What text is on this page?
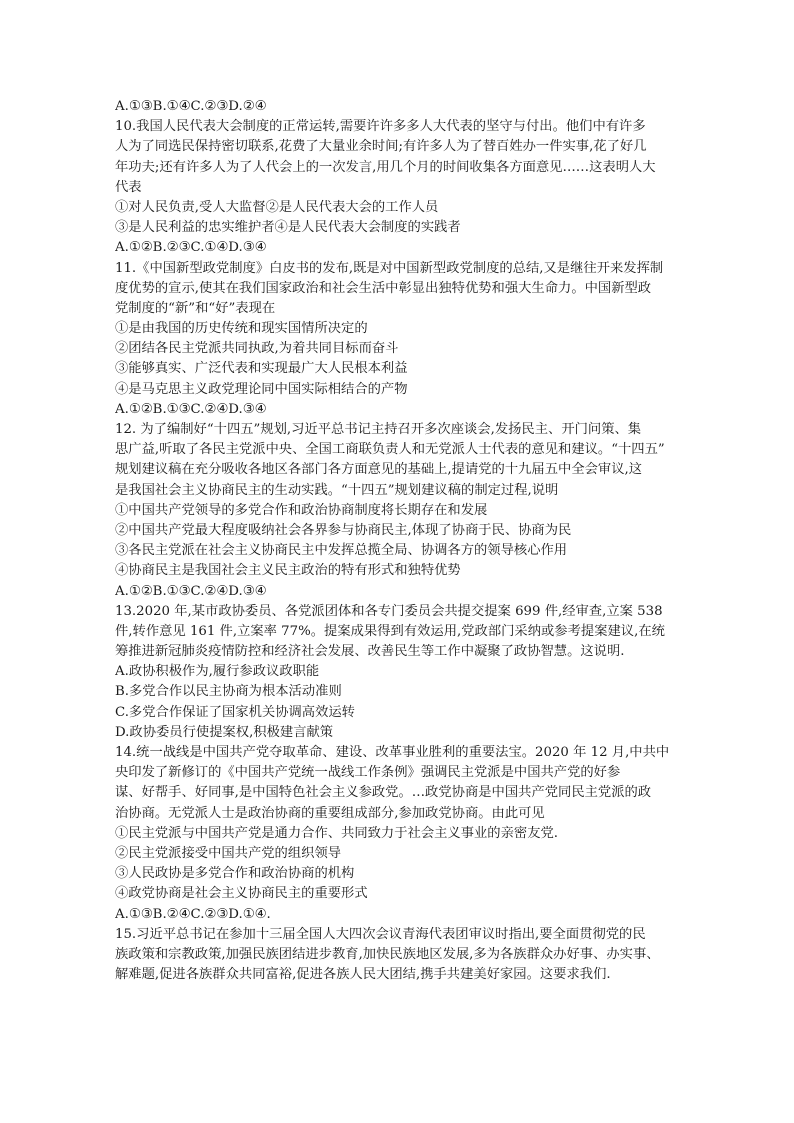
A.①③B.①④C.②③D.②④
10.我国人民代表大会制度的正常运转,需要许许多多人大代表的坚守与付出。他们中有许多
人为了同选民保持密切联系,花费了大量业余时间;有许多人为了替百姓办一件实事,花了好几
年功夫;还有许多人为了人代会上的一次发言,用几个月的时间收集各方面意见……这表明人大
代表
①对人民负责,受人大监督②是人民代表大会的工作人员
③是人民利益的忠实维护者④是人民代表大会制度的实践者
A.①②B.②③C.①④D.③④
11.《中国新型政党制度》白皮书的发布,既是对中国新型政党制度的总结,又是继往开来发挥制
度优势的宣示,使其在我们国家政治和社会生活中彰显出独特优势和强大生命力。中国新型政
党制度的“新”和“好”表现在
①是由我国的历史传统和现实国情所决定的
②团结各民主党派共同执政,为着共同目标而奋斗
③能够真实、广泛代表和实现最广大人民根本利益
④是马克思主义政党理论同中国实际相结合的产物
A.①②B.①③C.②④D.③④
12. 为了编制好“十四五”规划,习近平总书记主持召开多次座谈会,发扬民主、开门问策、集
思广益,听取了各民主党派中央、全国工商联负责人和无党派人士代表的意见和建议。“十四五”
规划建议稿在充分吸收各地区各部门各方面意见的基础上,提请党的十九届五中全会审议,这
是我国社会主义协商民主的生动实践。“十四五”规划建议稿的制定过程,说明
①中国共产党领导的多党合作和政治协商制度将长期存在和发展
②中国共产党最大程度吸纳社会各界参与协商民主,体现了协商于民、协商为民
③各民主党派在社会主义协商民主中发挥总揽全局、协调各方的领导核心作用
④协商民主是我国社会主义民主政治的特有形式和独特优势
A.①②B.①③C.②④D.③④
13.2020 年,某市政协委员、各党派团体和各专门委员会共提交提案 699 件,经审查,立案 538
件,转作意见 161 件,立案率 77%。提案成果得到有效运用,党政部门采纳或参考提案建议,在统
筹推进新冠肺炎疫情防控和经济社会发展、改善民生等工作中凝聚了政协智慧。这说明.
A.政协积极作为,履行参政议政职能
B.多党合作以民主协商为根本活动准则
C.多党合作保证了国家机关协调高效运转
D.政协委员行使提案权,积极建言献策
14.统一战线是中国共产党夺取革命、建设、改革事业胜利的重要法宝。2020 年 12 月,中共中
央印发了新修订的《中国共产党统一战线工作条例》强调民主党派是中国共产党的好参
谋、好帮手、好同事,是中国特色社会主义参政党。…政党协商是中国共产党同民主党派的政
治协商。无党派人士是政治协商的重要组成部分,参加政党协商。由此可见
①民主党派与中国共产党是通力合作、共同致力于社会主义事业的亲密友党.
②民主党派接受中国共产党的组织领导
③人民政协是多党合作和政治协商的机构
④政党协商是社会主义协商民主的重要形式
A.①③B.②④C.②③D.①④.
15.习近平总书记在参加十三届全国人大四次会议青海代表团审议时指出,要全面贯彻党的民
族政策和宗教政策,加强民族团结进步教育,加快民族地区发展,多为各族群众办好事、办实事、
解难题,促进各族群众共同富裕,促进各族人民大团结,携手共建美好家园。这要求我们.
